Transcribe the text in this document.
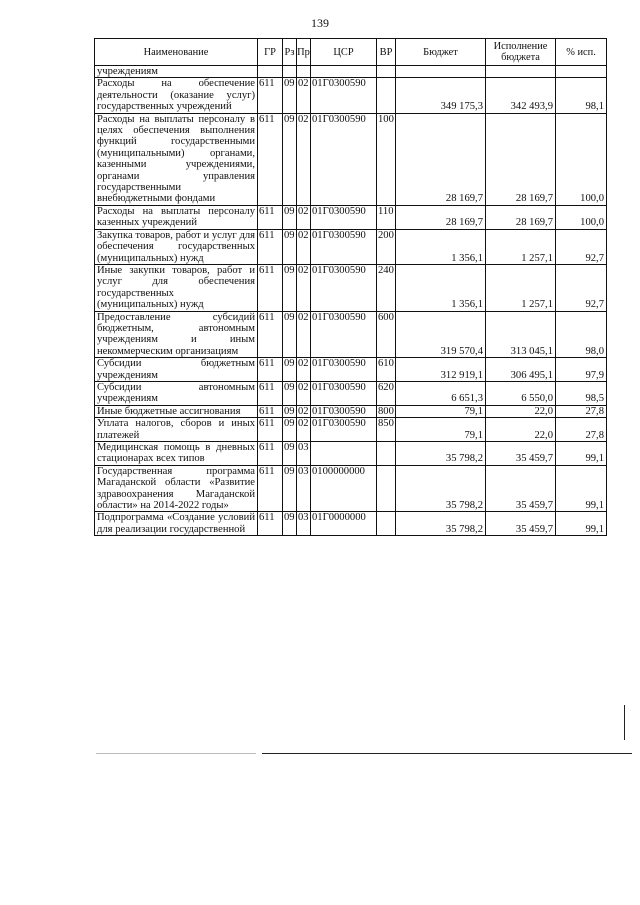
139
Наименование	ГР	Рз	Пр	ЦСР	ВР	Бюджет	Исполнение бюджета	% исп.
учреждениям								
Расходы на обеспечение деятельности (оказание услуг) государственных учреждений	611	09	02	01Г0300590		349 175,3	342 493,9	98,1
Расходы на выплаты персоналу в целях обеспечения выполнения функций государственными (муниципальными) органами, казенными учреждениями, органами управления государственными внебюджетными фондами	611	09	02	01Г0300590	100	28 169,7	28 169,7	100,0
Расходы на выплаты персоналу казенных учреждений	611	09	02	01Г0300590	110	28 169,7	28 169,7	100,0
Закупка товаров, работ и услуг для обеспечения государственных (муниципальных) нужд	611	09	02	01Г0300590	200	1 356,1	1 257,1	92,7
Иные закупки товаров, работ и услуг для обеспечения государственных (муниципальных) нужд	611	09	02	01Г0300590	240	1 356,1	1 257,1	92,7
Предоставление субсидий бюджетным, автономным учреждениям и иным некоммерческим организациям	611	09	02	01Г0300590	600	319 570,4	313 045,1	98,0
Субсидии бюджетным учреждениям	611	09	02	01Г0300590	610	312 919,1	306 495,1	97,9
Субсидии автономным учреждениям	611	09	02	01Г0300590	620	6 651,3	6 550,0	98,5
Иные бюджетные ассигнования	611	09	02	01Г0300590	800	79,1	22,0	27,8
Уплата налогов, сборов и иных платежей	611	09	02	01Г0300590	850	79,1	22,0	27,8
Медицинская помощь в дневных стационарах всех типов	611	09	03			35 798,2	35 459,7	99,1
Государственная программа Магаданской области «Развитие здравоохранения Магаданской области» на 2014-2022 годы»	611	09	03	0100000000		35 798,2	35 459,7	99,1
Подпрограмма «Создание условий для реализации государственной	611	09	03	01Г0000000		35 798,2	35 459,7	99,1
